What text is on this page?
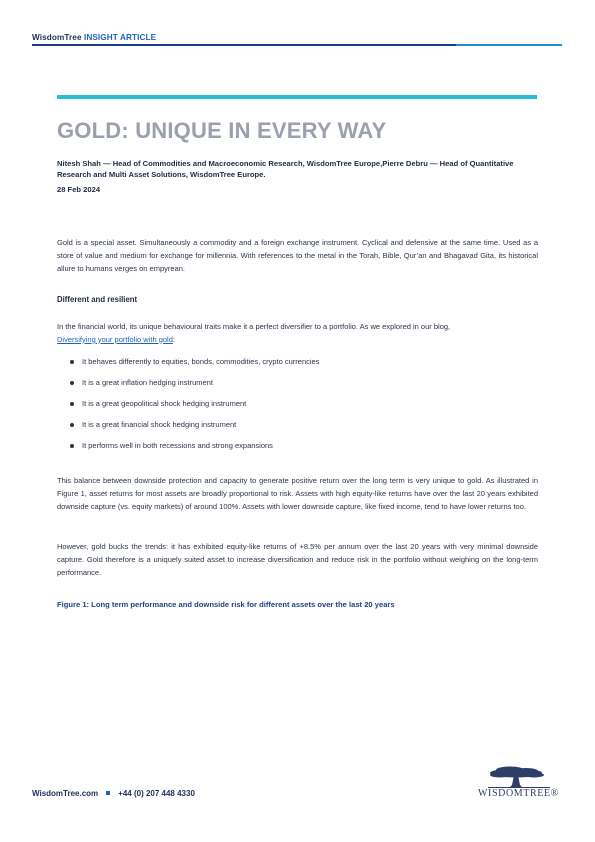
WisdomTree INSIGHT ARTICLE
GOLD: UNIQUE IN EVERY WAY
Nitesh Shah — Head of Commodities and Macroeconomic Research, WisdomTree Europe,Pierre Debru — Head of Quantitative Research and Multi Asset Solutions, WisdomTree Europe.
28 Feb 2024
Gold is a special asset. Simultaneously a commodity and a foreign exchange instrument. Cyclical and defensive at the same time. Used as a store of value and medium for exchange for millennia. With references to the metal in the Torah, Bible, Qur’an and Bhagavad Gita, its historical allure to humans verges on empyrean.
Different and resilient
In the financial world, its unique behavioural traits make it a perfect diversifier to a portfolio. As we explored in our blog,
Diversifying your portfolio with gold:
It behaves differently to equities, bonds, commodities, crypto currencies
It is a great inflation hedging instrument
It is a great geopolitical shock hedging instrument
It is a great financial shock hedging instrument
It performs well in both recessions and strong expansions
This balance between downside protection and capacity to generate positive return over the long term is very unique to gold. As illustrated in Figure 1, asset returns for most assets are broadly proportional to risk. Assets with high equity-like returns have over the last 20 years exhibited downside capture (vs. equity markets) of around 100%. Assets with lower downside capture, like fixed income, tend to have lower returns too.
However, gold bucks the trends: it has exhibited equity-like returns of +8.5% per annum over the last 20 years with very minimal downside capture. Gold therefore is a uniquely suited asset to increase diversification and reduce risk in the portfolio without weighing on the long-term performance.
Figure 1: Long term performance and downside risk for different assets over the last 20 years
WisdomTree.com	+44 (0) 207 448 4330	WISDOMTREE®
